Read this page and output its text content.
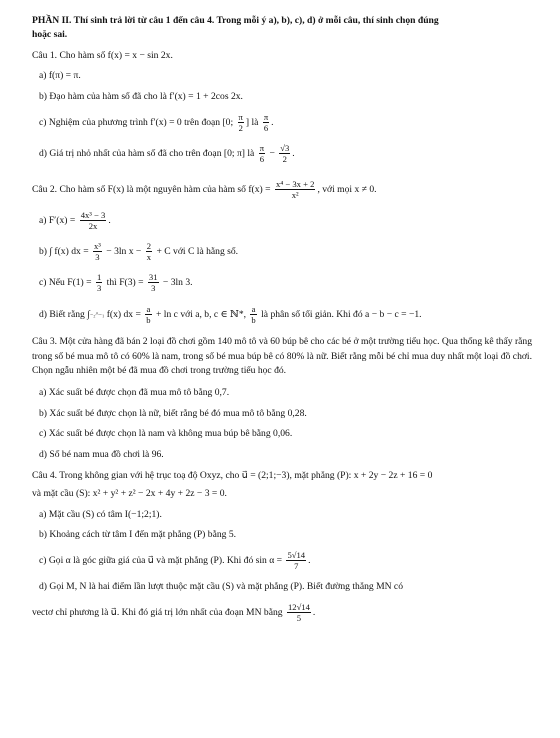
PHẦN II. Thí sinh trả lời từ câu 1 đến câu 4. Trong mỗi ý a), b), c), d) ở mỗi câu, thí sinh chọn đúng
hoặc sai.
Câu 1. Cho hàm số f(x) = x − sin 2x.
a) f(π) = π.
b) Đạo hàm của hàm số đã cho là f′(x) = 1 + 2cos 2x.
c) Nghiệm của phương trình f′(x) = 0 trên đoạn [0; $\frac{\pi}{2}$ ] là $\frac{\pi}{6}$ .
d) Giá trị nhỏ nhất của hàm số đã cho trên đoạn [0; π] là $\frac{\pi}{6} - \frac{√3}{2}$ .
Câu 2. Cho hàm số F(x) là một nguyên hàm của hàm số $f(x) = \frac{\text{x⁴ − 3x + 2}}{\text{x²}}$ , với mọi x ≠ 0.
a) $F'(x) = \frac{\text{4x³ − 3}}{2x}$ .
b) ∫ f(x) dx = $\frac{\text{x³}}{3} - 3\ln$ $x - \frac{2}{x} + C$ với C là hằng số.
c) Nếu $F(1) = \frac{1}{3}$ thì $F(3) = \frac{31}{3} - 3\ln$ 3.
d) Biết rằng ∫₋₂^₋₁ f(x) dx = $\frac{a}{b} + \ln c$ với a, b, c ∈ ℕ*, $\frac{a}{b}$ là phân số tối giản. Khi đó a − b − c = −1.
Câu 3. Một cửa hàng đã bán 2 loại đồ chơi gồm 140 mô tô và 60 búp bê cho các bé ở một trường tiểu học. Qua thống kê thấy rằng trong số bé mua mô tô có 60% là nam, trong số bé mua búp bê có 80% là nữ. Biết rằng mỗi bé chỉ mua duy nhất một loại đồ chơi. Chọn ngẫu nhiên một bé đã mua đồ chơi trong trường tiểu học đó.
a) Xác suất bé được chọn đã mua mô tô bằng 0,7.
b) Xác suất bé được chọn là nữ, biết rằng bé đó mua mô tô bằng 0,28.
c) Xác suất bé được chọn là nam và không mua búp bê bằng 0,06.
d) Số bé nam mua đồ chơi là 96.
Câu 4. Trong không gian với hệ trục toạ độ Oxyz, cho u⃗ = (2;1;−3), mặt phẳng (P): x + 2y − 2z + 16 = 0
và mặt cầu (S): x² + y² + z² − 2x + 4y + 2z − 3 = 0.
a) Mặt cầu (S) có tâm I(−1;2;1).
b) Khoảng cách từ tâm I đến mặt phẳng (P) bằng 5.
c) Gọi α là góc giữa giá của u⃗ và mặt phẳng (P). Khi đó $\sin \alpha = \frac{5√14}{7}$ .
d) Gọi M, N là hai điểm lần lượt thuộc mặt cầu (S) và mặt phẳng (P). Biết đường thẳng MN có
vectơ chỉ phương là u⃗. Khi đó giá trị lớn nhất của đoạn MN bằng $\frac{12√14}{5}$ .
